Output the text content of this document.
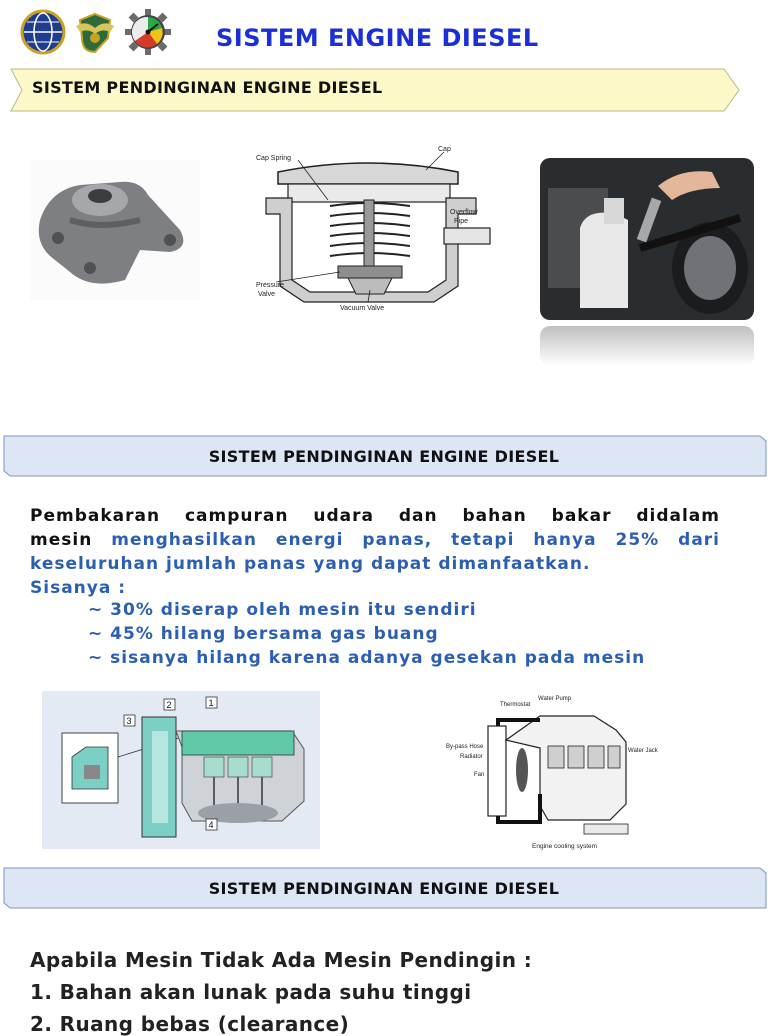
SISTEM ENGINE DIESEL
SISTEM PENDINGINAN ENGINE DIESEL
Cap Spring
Cap
Overflow
Pipe
Pressure
Valve
Vacuum Valve
SISTEM PENDINGINAN ENGINE DIESEL
Pembakaran campuran udara dan bahan bakar didalam
mesin menghasilkan energi panas, tetapi hanya 25% dari
keseluruhan jumlah panas yang dapat dimanfaatkan.
Sisanya :
~ 30% diserap oleh mesin itu sendiri
~ 45% hilang bersama gas buang
~ sisanya hilang karena adanya gesekan pada mesin
1
2
3
4
Water Pump
Thermostat
By-pass Hose
Radiator
Fan
Water Jack
Engine cooling system
SISTEM PENDINGINAN ENGINE DIESEL
Apabila Mesin Tidak Ada Mesin Pendingin :
1. Bahan akan lunak pada suhu tinggi
2. Ruang bebas (clearance)
